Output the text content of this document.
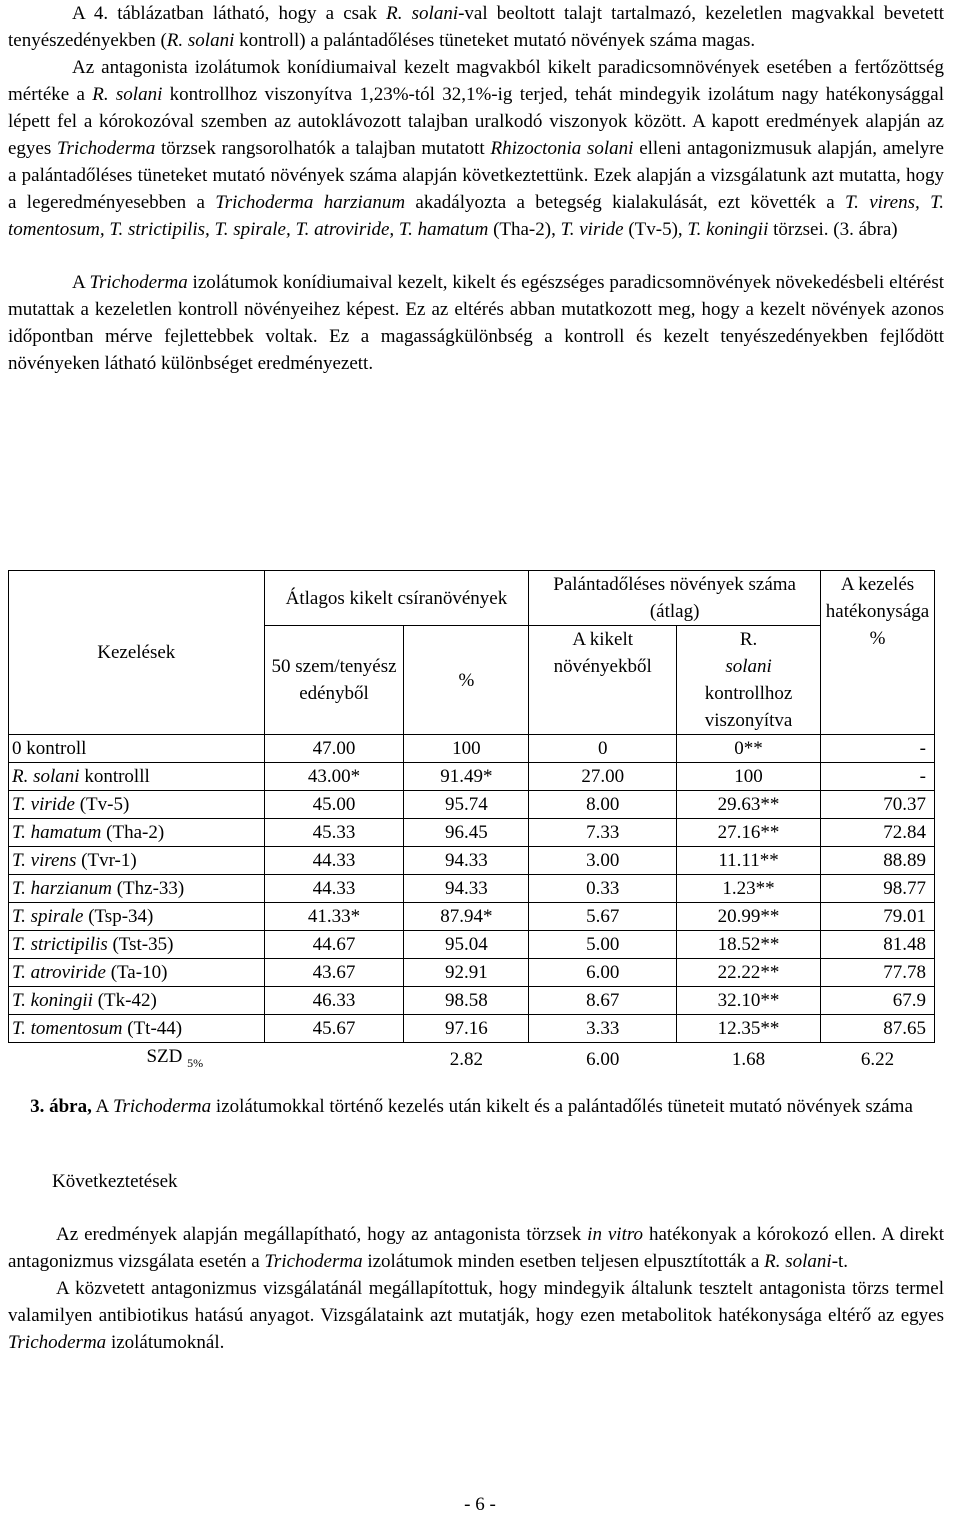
A 4. táblázatban látható, hogy a csak R. solani-val beoltott talajt tartalmazó, kezeletlen magvakkal bevetett tenyészedényekben (R. solani kontroll) a palántadőléses tüneteket mutató növények száma magas.

Az antagonista izolátumok konídiumaival kezelt magvakból kikelt paradicsomnövények esetében a fertőzöttség mértéke a R. solani kontrollhoz viszonyítva 1,23%-tól 32,1%-ig terjed, tehát mindegyik izolátum nagy hatékonysággal lépett fel a kórokozóval szemben az autoklávozott talajban uralkodó viszonyok között. A kapott eredmények alapján az egyes Trichoderma törzsek rangsorolhatók a talajban mutatott Rhizoctonia solani elleni antagonizmusuk alapján, amelyre a palántadőléses tüneteket mutató növények száma alapján következtettünk. Ezek alapján a vizsgálatunk azt mutatta, hogy a legeredményesebben a Trichoderma harzianum akadályozta a betegség kialakulását, ezt követték a T. virens, T. tomentosum, T. strictipilis, T. spirale, T. atroviride, T. hamatum (Tha-2), T. viride (Tv-5), T. koningii törzsei. (3. ábra)

A Trichoderma izolátumok konídiumaival kezelt, kikelt és egészséges paradicsomnövények növekedésbeli eltérést mutattak a kezeletlen kontroll növényeihez képest. Ez az eltérés abban mutatkozott meg, hogy a kezelt növények azonos időpontban mérve fejlettebbek voltak. Ez a magasságkülönbség a kontroll és kezelt tenyészedényekben fejlődött növényeken látható különbséget eredményezett.

Kezelések	Átlagos kikelt csíranövények		Palántadőléses növények száma (átlag)		A kezelés hatékonysága %
	50 szem/tenyész edényből	%	A kikelt növényekből	R.
solani
kontrollhoz viszonyítva	
0 kontroll	47.00	100	0	0**	-
R. solani kontrolll	43.00*	91.49*	27.00	100	-
T. viride (Tv-5)	45.00	95.74	8.00	29.63**	70.37
T. hamatum (Tha-2)	45.33	96.45	7.33	27.16**	72.84
T. virens (Tvr-1)	44.33	94.33	3.00	11.11**	88.89
T. harzianum (Thz-33)	44.33	94.33	0.33	1.23**	98.77
T. spirale (Tsp-34)	41.33*	87.94*	5.67	20.99**	79.01
T. strictipilis (Tst-35)	44.67	95.04	5.00	18.52**	81.48
T. atroviride (Ta-10)	43.67	92.91	6.00	22.22**	77.78
T. koningii (Tk-42)	46.33	98.58	8.67	32.10**	67.9
T. tomentosum (Tt-44)	45.67	97.16	3.33	12.35**	87.65
SZD $_{5\%}$		2.82	6.00	1.68	6.22
3. ábra, A Trichoderma izolátumokkal történő kezelés után kikelt és a palántadőlés tüneteit mutató növények száma
Következtetések

Az eredmények alapján megállapítható, hogy az antagonista törzsek in vitro hatékonyak a kórokozó ellen. A direkt antagonizmus vizsgálata esetén a Trichoderma izolátumok minden esetben teljesen elpusztították a R. solani-t.

A közvetett antagonizmus vizsgálatánál megállapítottuk, hogy mindegyik általunk tesztelt antagonista törzs termel valamilyen antibiotikus hatású anyagot. Vizsgálataink azt mutatják, hogy ezen metabolitok hatékonysága eltérő az egyes Trichoderma izolátumoknál.

- 6 -
